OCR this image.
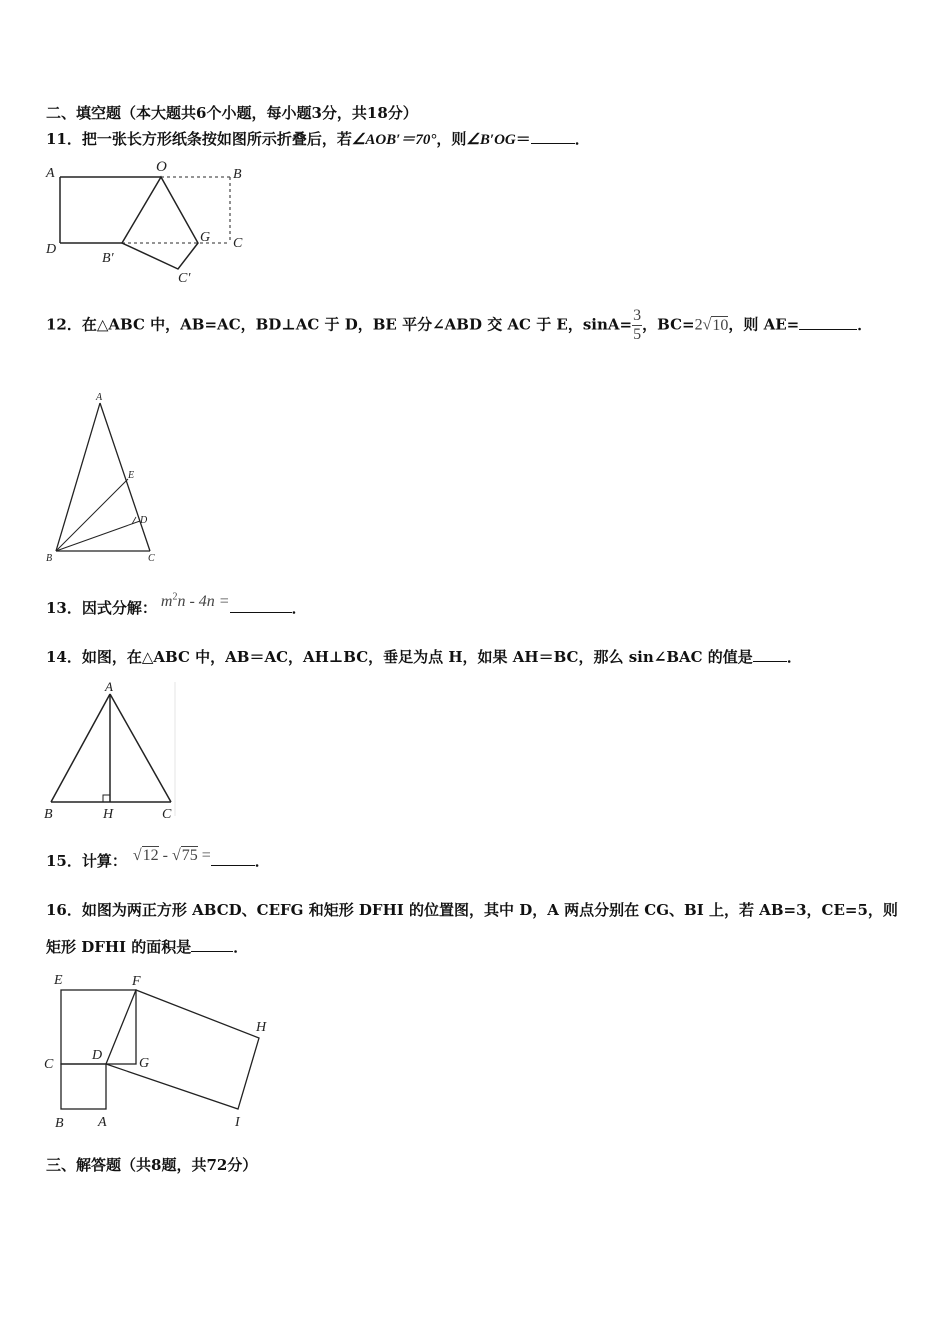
二、填空题（本大题共6个小题，每小题3分，共18分）
11．把一张长方形纸条按如图所示折叠后，若∠AOB′＝70°，则∠B′OG＝	．
A	O	B
D
G C
B′
C′
12．在△ABC 中，AB=AC，BD⊥AC 于 D，BE 平分∠ABD 交 AC 于 E，$\sin A= \frac{3}{5}$ ，BC=2√10，则 AE=	．
A
E
D
B	C
13．因式分解： $m^2n - 4n$ =	．
14．如图，在△ABC 中，AB＝AC，AH⊥BC，垂足为点 H，如果 AH＝BC，那么 sin∠BAC 的值是 ．
A
B	H	C
15．计算： √12 - √75 =	．
16．如图为两正方形 ABCD、CEFG 和矩形 DFHI 的位置图，其中 D，A 两点分别在 CG、BI 上，若 AB=3，CE=5，则
矩形 DFHI 的面积是	．
E	F
H
C
D
G
B A	I
三、解答题（共8题，共72分）
